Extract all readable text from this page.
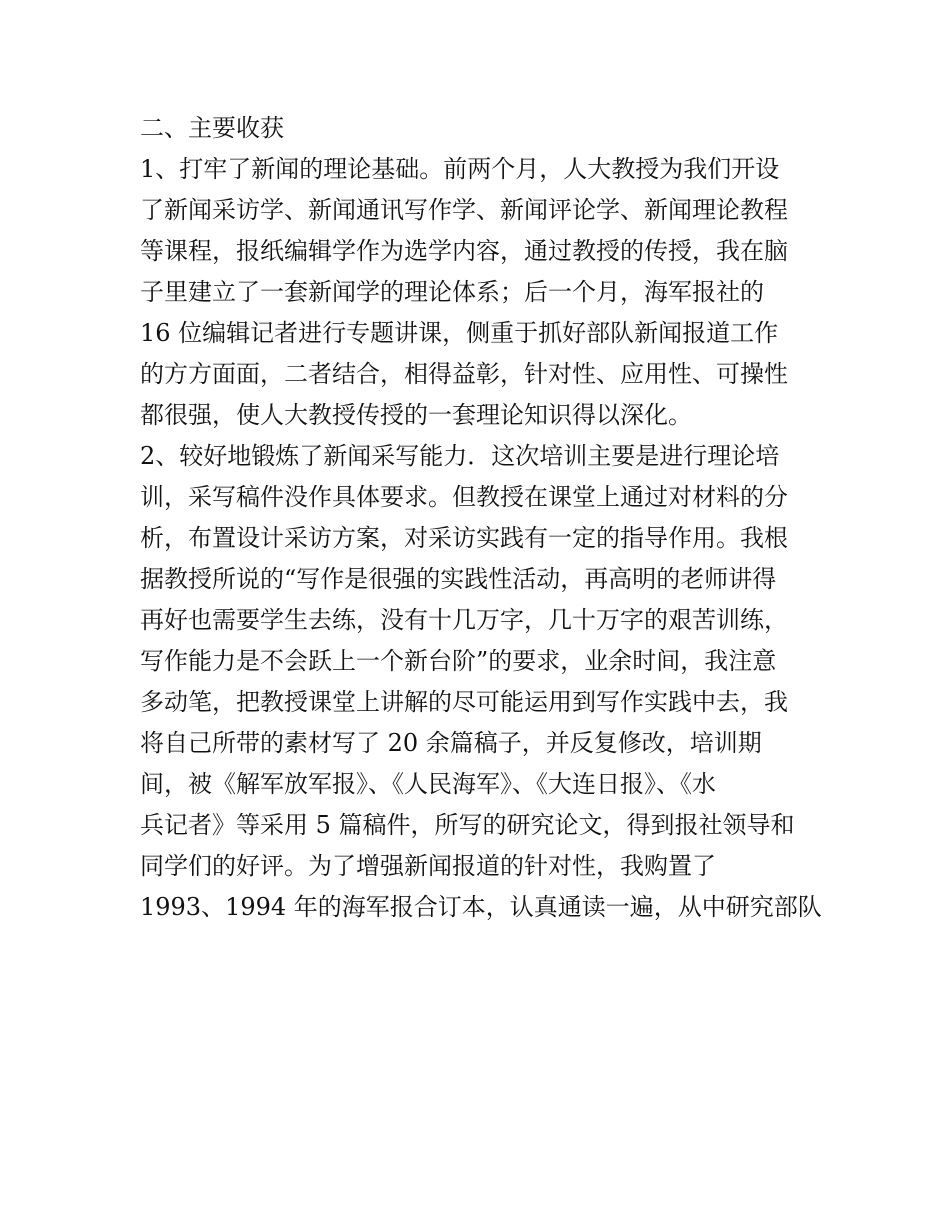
二、主要收获
1、打牢了新闻的理论基础。前两个月，人大教授为我们开设
了新闻采访学、新闻通讯写作学、新闻评论学、新闻理论教程
等课程，报纸编辑学作为选学内容，通过教授的传授，我在脑
子里建立了一套新闻学的理论体系；后一个月，海军报社的
16 位编辑记者进行专题讲课，侧重于抓好部队新闻报道工作
的方方面面，二者结合，相得益彰，针对性、应用性、可操性
都很强，使人大教授传授的一套理论知识得以深化。
2、较好地锻炼了新闻采写能力．这次培训主要是进行理论培
训，采写稿件没作具体要求。但教授在课堂上通过对材料的分
析，布置设计采访方案，对采访实践有一定的指导作用。我根
据教授所说的“写作是很强的实践性活动，再高明的老师讲得
再好也需要学生去练，没有十几万字，几十万字的艰苦训练，
写作能力是不会跃上一个新台阶”的要求，业余时间，我注意
多动笔，把教授课堂上讲解的尽可能运用到写作实践中去，我
将自己所带的素材写了 20 余篇稿子，并反复修改，培训期
间，被《解军放军报》、《人民海军》、《大连日报》、《水
兵记者》等采用 5 篇稿件，所写的研究论文，得到报社领导和
同学们的好评。为了增强新闻报道的针对性，我购置了
1993、1994 年的海军报合订本，认真通读一遍，从中研究部队
